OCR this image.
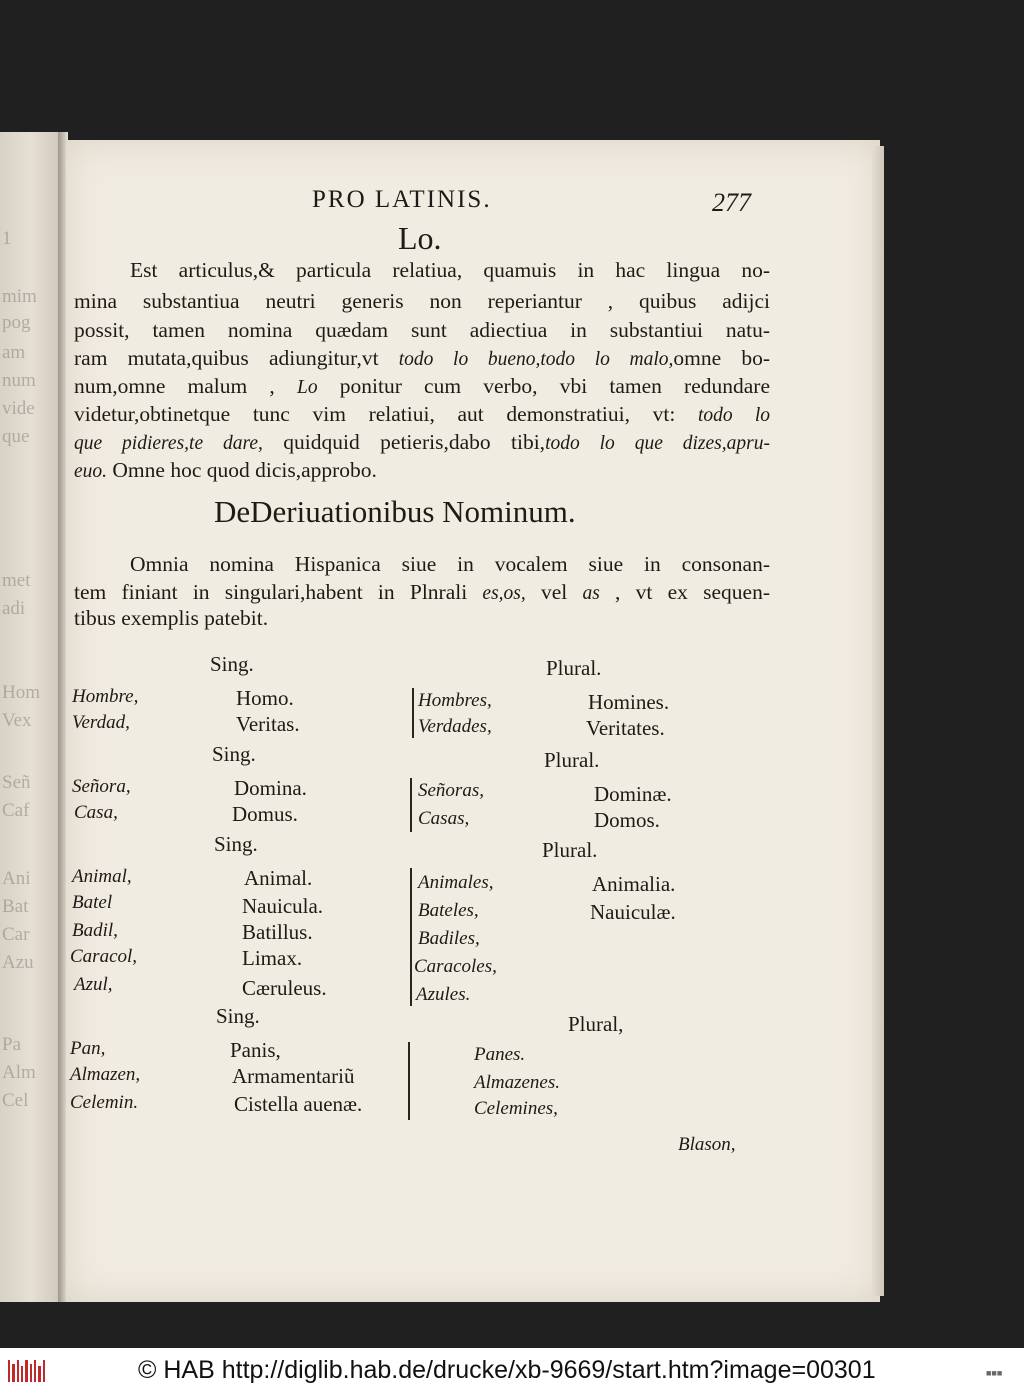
1
mim
pog
am
num
vide
que
met
adi
Hom
Vex
Señ
Caf
Ani
Bat
Car
Azu
Pa
Alm
Cel
PRO LATINIS.	277
Lo.
Est articulus,& particula relatiua, quamuis in hac lingua no-
mina substantiua neutri generis non reperiantur , quibus adijci
possit, tamen nomina quædam sunt adiectiua in substantiui natu-
ram mutata,quibus adiungitur,vt todo lo bueno,todo lo malo,omne bo-
num,omne malum , Lo ponitur cum verbo, vbi tamen redundare
videtur,obtinetque tunc vim relatiui, aut demonstratiui, vt: todo lo
que pidieres,te dare, quidquid petieris,dabo tibi,todo lo que dizes,apru-
euo. Omne hoc quod dicis,approbo.
DeDeriuationibus Nominum.
Omnia nomina Hispanica siue in vocalem siue in consonan-
tem finiant in singulari,habent in Plnrali es,os, vel as , vt ex sequen-
tibus exemplis patebit.
Sing.	Plural.
Hombre,	Homo.	Hombres,	Homines.
Verdad,	Veritas.	Verdades,	Veritates.
Sing.	Plural.
Señora,	Domina.	Señoras,	Dominæ.
Casa,	Domus.	Casas,	Domos.
Sing.	Plural.
Animal,	Animal.	Animales,	Animalia.
Batel	Nauicula.	Bateles,	Nauiculæ.
Badil,	Batillus.	Badiles,
Caracol,	Limax.	Caracoles,
Azul,	Cæruleus.	Azules.
Sing.	Plural,
Pan,	Panis,	Panes.
Almazen,	Armamentariũ	Almazenes.
Celemin.	Cistella auenæ.	Celemines,
Blason,
© HAB http://diglib.hab.de/drucke/xb-9669/start.htm?image=00301	■■■
